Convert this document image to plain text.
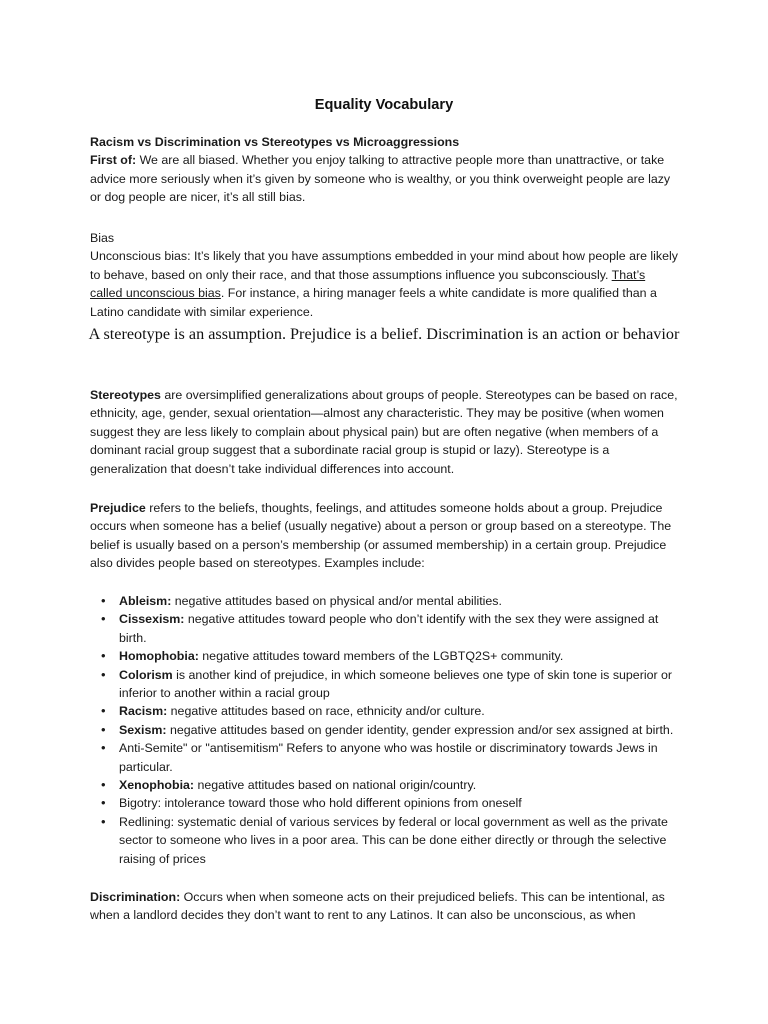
Equality Vocabulary

Racism vs Discrimination vs Stereotypes vs Microaggressions

First of: We are all biased. Whether you enjoy talking to attractive people more than unattractive, or take advice more seriously when it’s given by someone who is wealthy, or you think overweight people are lazy or dog people are nicer, it’s all still bias.

Bias

Unconscious bias: It’s likely that you have assumptions embedded in your mind about how people are likely to behave, based on only their race, and that those assumptions influence you subconsciously. That’s called unconscious bias. For instance, a hiring manager feels a white candidate is more qualified than a Latino candidate with similar experience.

A stereotype is an assumption. Prejudice is a belief. Discrimination is an action or behavior

Stereotypes are oversimplified generalizations about groups of people. Stereotypes can be based on race, ethnicity, age, gender, sexual orientation—almost any characteristic. They may be positive (when women suggest they are less likely to complain about physical pain) but are often negative (when members of a dominant racial group suggest that a subordinate racial group is stupid or lazy). Stereotype is a generalization that doesn’t take individual differences into account.

Prejudice refers to the beliefs, thoughts, feelings, and attitudes someone holds about a group. Prejudice occurs when someone has a belief (usually negative) about a person or group based on a stereotype. The belief is usually based on a person’s membership (or assumed membership) in a certain group. Prejudice also divides people based on stereotypes. Examples include:

• Ableism: negative attitudes based on physical and/or mental abilities.
• Cissexism: negative attitudes toward people who don’t identify with the sex they were assigned at birth.
• Homophobia: negative attitudes toward members of the LGBTQ2S+ community.
• Colorism is another kind of prejudice, in which someone believes one type of skin tone is superior or inferior to another within a racial group
• Racism: negative attitudes based on race, ethnicity and/or culture.
• Sexism: negative attitudes based on gender identity, gender expression and/or sex assigned at birth.
• Anti-Semite" or "antisemitism" Refers to anyone who was hostile or discriminatory towards Jews in particular.
• Xenophobia: negative attitudes based on national origin/country.
• Bigotry: intolerance toward those who hold different opinions from oneself
• Redlining: systematic denial of various services by federal or local government as well as the private sector to someone who lives in a poor area. This can be done either directly or through the selective raising of prices

Discrimination: Occurs when when someone acts on their prejudiced beliefs. This can be intentional, as when a landlord decides they don’t want to rent to any Latinos. It can also be unconscious, as when
